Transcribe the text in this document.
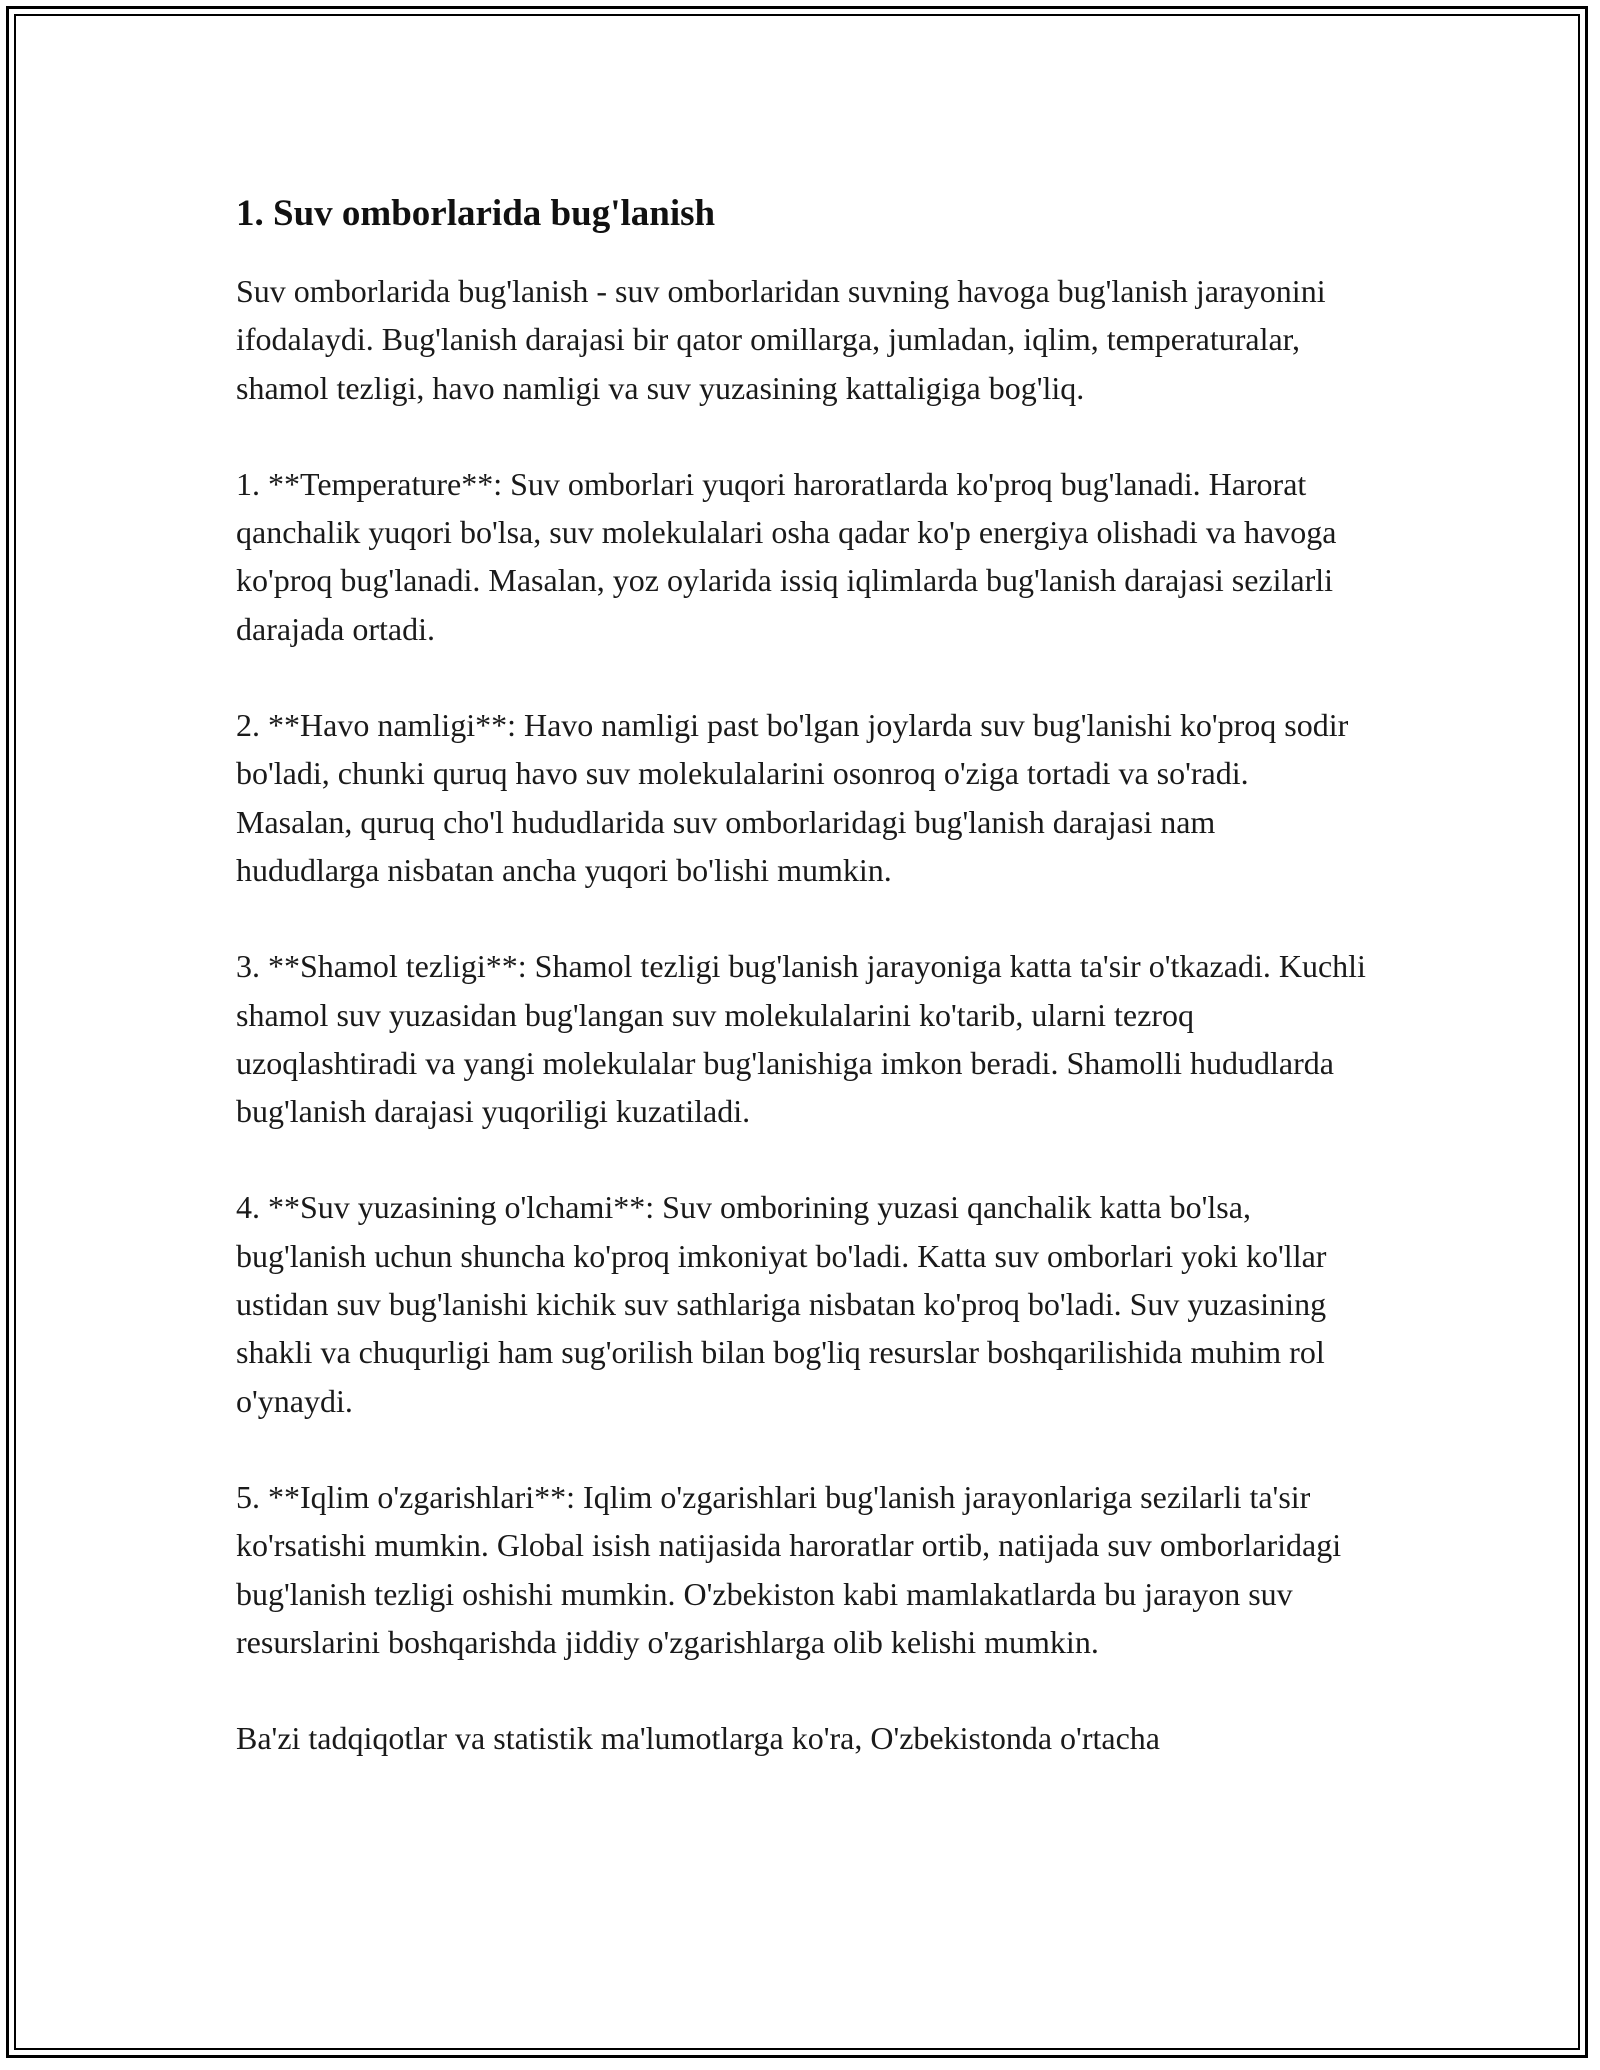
1. Suv omborlarida bug'lanish

Suv omborlarida bug'lanish - suv omborlaridan suvning havoga bug'lanish jarayonini ifodalaydi. Bug'lanish darajasi bir qator omillarga, jumladan, iqlim, temperaturalar, shamol tezligi, havo namligi va suv yuzasining kattaligiga bog'liq.

1. **Temperature**: Suv omborlari yuqori haroratlarda ko'proq bug'lanadi. Harorat qanchalik yuqori bo'lsa, suv molekulalari osha qadar ko'p energiya olishadi va havoga ko'proq bug'lanadi. Masalan, yoz oylarida issiq iqlimlarda bug'lanish darajasi sezilarli darajada ortadi.

2. **Havo namligi**: Havo namligi past bo'lgan joylarda suv bug'lanishi ko'proq sodir bo'ladi, chunki quruq havo suv molekulalarini osonroq o'ziga tortadi va so'radi. Masalan, quruq cho'l hududlarida suv omborlaridagi bug'lanish darajasi nam hududlarga nisbatan ancha yuqori bo'lishi mumkin.

3. **Shamol tezligi**: Shamol tezligi bug'lanish jarayoniga katta ta'sir o'tkazadi. Kuchli shamol suv yuzasidan bug'langan suv molekulalarini ko'tarib, ularni tezroq uzoqlashtiradi va yangi molekulalar bug'lanishiga imkon beradi. Shamolli hududlarda bug'lanish darajasi yuqoriligi kuzatiladi.

4. **Suv yuzasining o'lchami**: Suv omborining yuzasi qanchalik katta bo'lsa, bug'lanish uchun shuncha ko'proq imkoniyat bo'ladi. Katta suv omborlari yoki ko'llar ustidan suv bug'lanishi kichik suv sathlariga nisbatan ko'proq bo'ladi. Suv yuzasining shakli va chuqurligi ham sug'orilish bilan bog'liq resurslar boshqarilishida muhim rol o'ynaydi.

5. **Iqlim o'zgarishlari**: Iqlim o'zgarishlari bug'lanish jarayonlariga sezilarli ta'sir ko'rsatishi mumkin. Global isish natijasida haroratlar ortib, natijada suv omborlaridagi bug'lanish tezligi oshishi mumkin. O'zbekiston kabi mamlakatlarda bu jarayon suv resurslarini boshqarishda jiddiy o'zgarishlarga olib kelishi mumkin.

Ba'zi tadqiqotlar va statistik ma'lumotlarga ko'ra, O'zbekistonda o'rtacha
